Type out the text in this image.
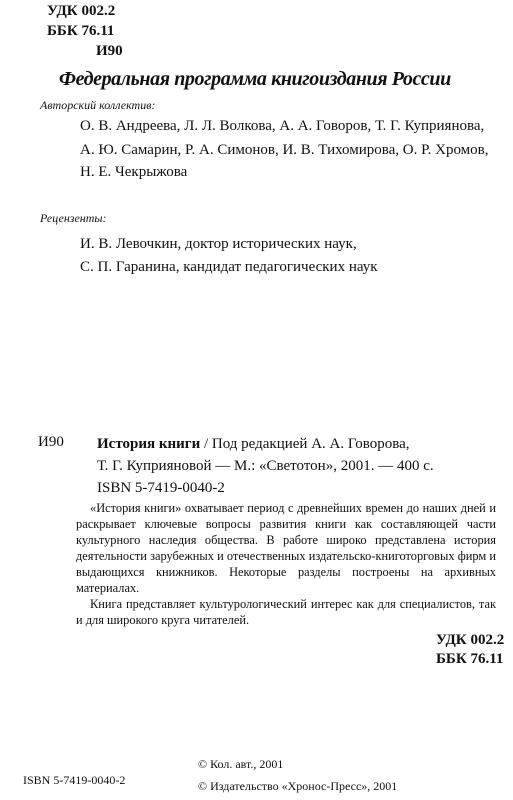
УДК 002.2
ББК 76.11
И90
Федеральная программа книгоиздания России
Авторский коллектив:
О. В. Андреева, Л. Л. Волкова, А. А. Говоров, Т. Г. Куприянова,
А. Ю. Самарин, Р. А. Симонов, И. В. Тихомирова, О. Р. Хромов,
Н. Е. Чекрыжова
Рецензенты:
И. В. Левочкин, доктор исторических наук,
С. П. Гаранина, кандидат педагогических наук
И90 История книги / Под редакцией А. А. Говорова,
Т. Г. Куприяновой — М.: «Светотон», 2001. — 400 с.
ISBN 5-7419-0040-2

«История книги» охватывает период с древнейших времен до наших дней и раскрывает ключевые вопросы развития книги как составляющей части культурного наследия общества. В работе широко представлена история деятельности зарубежных и отечественных издательско-книготорговых фирм и выдающихся книжников. Некоторые разделы построены на архивных материалах.

Книга представляет культурологический интерес как для специалистов, так и для широкого круга читателей.

УДК 002.2
ББК 76.11
ISBN 5-7419-0040-2
© Кол. авт., 2001
© Издательство «Хронос-Пресс», 2001
